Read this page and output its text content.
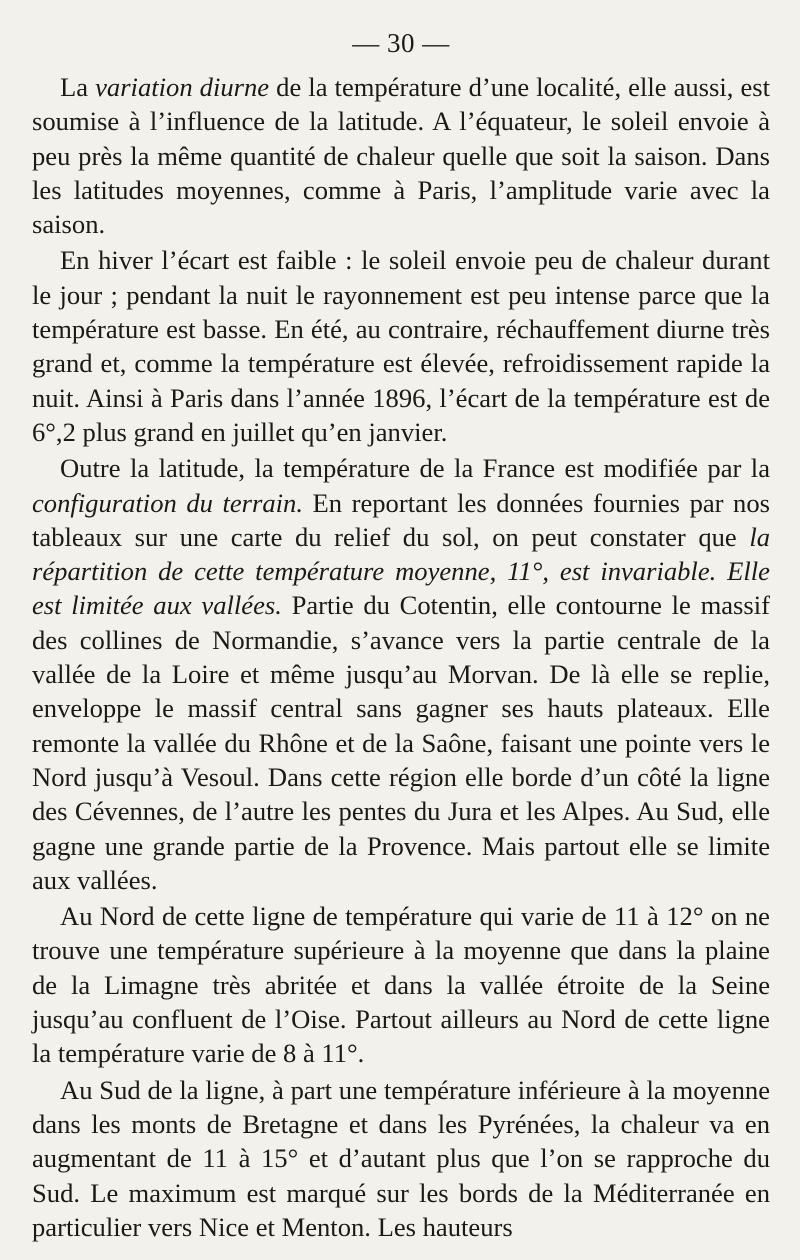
— 30 —

La variation diurne de la température d’une localité, elle aussi, est soumise à l’influence de la latitude. A l’équateur, le soleil envoie à peu près la même quantité de chaleur quelle que soit la saison. Dans les latitudes moyennes, comme à Paris, l’amplitude varie avec la saison.

En hiver l’écart est faible : le soleil envoie peu de chaleur durant le jour ; pendant la nuit le rayonnement est peu intense parce que la température est basse. En été, au contraire, réchauffement diurne très grand et, comme la température est élevée, refroidissement rapide la nuit. Ainsi à Paris dans l’année 1896, l’écart de la température est de 6°,2 plus grand en juillet qu’en janvier.

Outre la latitude, la température de la France est modifiée par la configuration du terrain. En reportant les données fournies par nos tableaux sur une carte du relief du sol, on peut constater que la répartition de cette température moyenne, 11°, est invariable. Elle est limitée aux vallées. Partie du Cotentin, elle contourne le massif des collines de Normandie, s’avance vers la partie centrale de la vallée de la Loire et même jusqu’au Morvan. De là elle se replie, enveloppe le massif central sans gagner ses hauts plateaux. Elle remonte la vallée du Rhône et de la Saône, faisant une pointe vers le Nord jusqu’à Vesoul. Dans cette région elle borde d’un côté la ligne des Cévennes, de l’autre les pentes du Jura et les Alpes. Au Sud, elle gagne une grande partie de la Provence. Mais partout elle se limite aux vallées.

Au Nord de cette ligne de température qui varie de 11 à 12° on ne trouve une température supérieure à la moyenne que dans la plaine de la Limagne très abritée et dans la vallée étroite de la Seine jusqu’au confluent de l’Oise. Partout ailleurs au Nord de cette ligne la température varie de 8 à 11°.

Au Sud de la ligne, à part une température inférieure à la moyenne dans les monts de Bretagne et dans les Pyrénées, la chaleur va en augmentant de 11 à 15° et d’autant plus que l’on se rapproche du Sud. Le maximum est marqué sur les bords de la Méditerranée en particulier vers Nice et Menton. Les hauteurs
